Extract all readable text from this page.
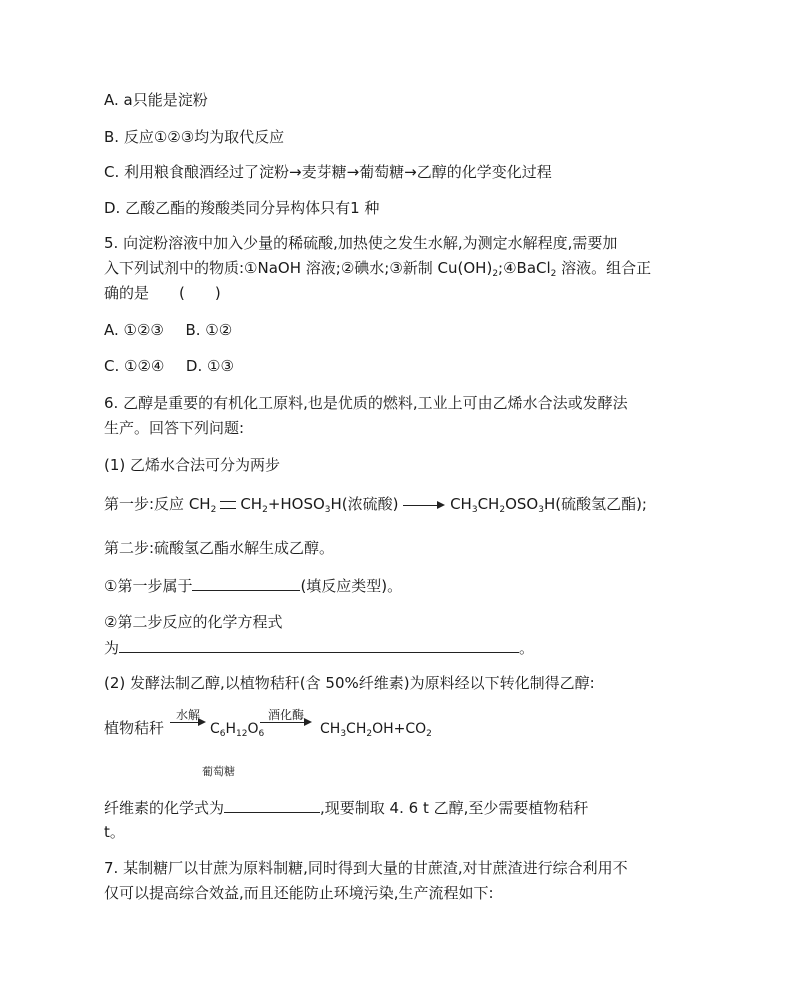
A. a只能是淀粉
B. 反应①②③均为取代反应
C. 利用粮食酿酒经过了淀粉→麦芽糖→葡萄糖→乙醇的化学变化过程
D. 乙酸乙酯的羧酸类同分异构体只有1 种
5. 向淀粉溶液中加入少量的稀硫酸,加热使之发生水解,为测定水解程度,需要加
入下列试剂中的物质:①NaOH 溶液;②碘水;③新制 $Cu(OH)_2;④BaCl_2$ 溶液。组合正
确的是　　(　　)
A. ①②③ B. ①②
C. ①②④ D. ①③
6. 乙醇是重要的有机化工原料,也是优质的燃料,工业上可由乙烯水合法或发酵法
生产。回答下列问题:
(1) 乙烯水合法可分为两步
第一步:反应 $CH_2$ $CH_2+HOSO_3H$(浓硫酸)	$CH_3CH_2OSO_3H$(硫酸氢乙酯);
第二步:硫酸氢乙酯水解生成乙醇。
①第一步属于	(填反应类型)。
②第二步反应的化学方程式
为	。
(2) 发酵法制乙醇,以植物秸秆(含 50%纤维素)为原料经以下转化制得乙醇:
植物秸秆
水解
$C_6H_{12}O_6$
酒化酶
$CH_3CH_2OH+CO_2$
葡萄糖
纤维素的化学式为	,现要制取 4. 6 t 乙醇,至少需要植物秸秆
t。
7. 某制糖厂以甘蔗为原料制糖,同时得到大量的甘蔗渣,对甘蔗渣进行综合利用不
仅可以提高综合效益,而且还能防止环境污染,生产流程如下:
